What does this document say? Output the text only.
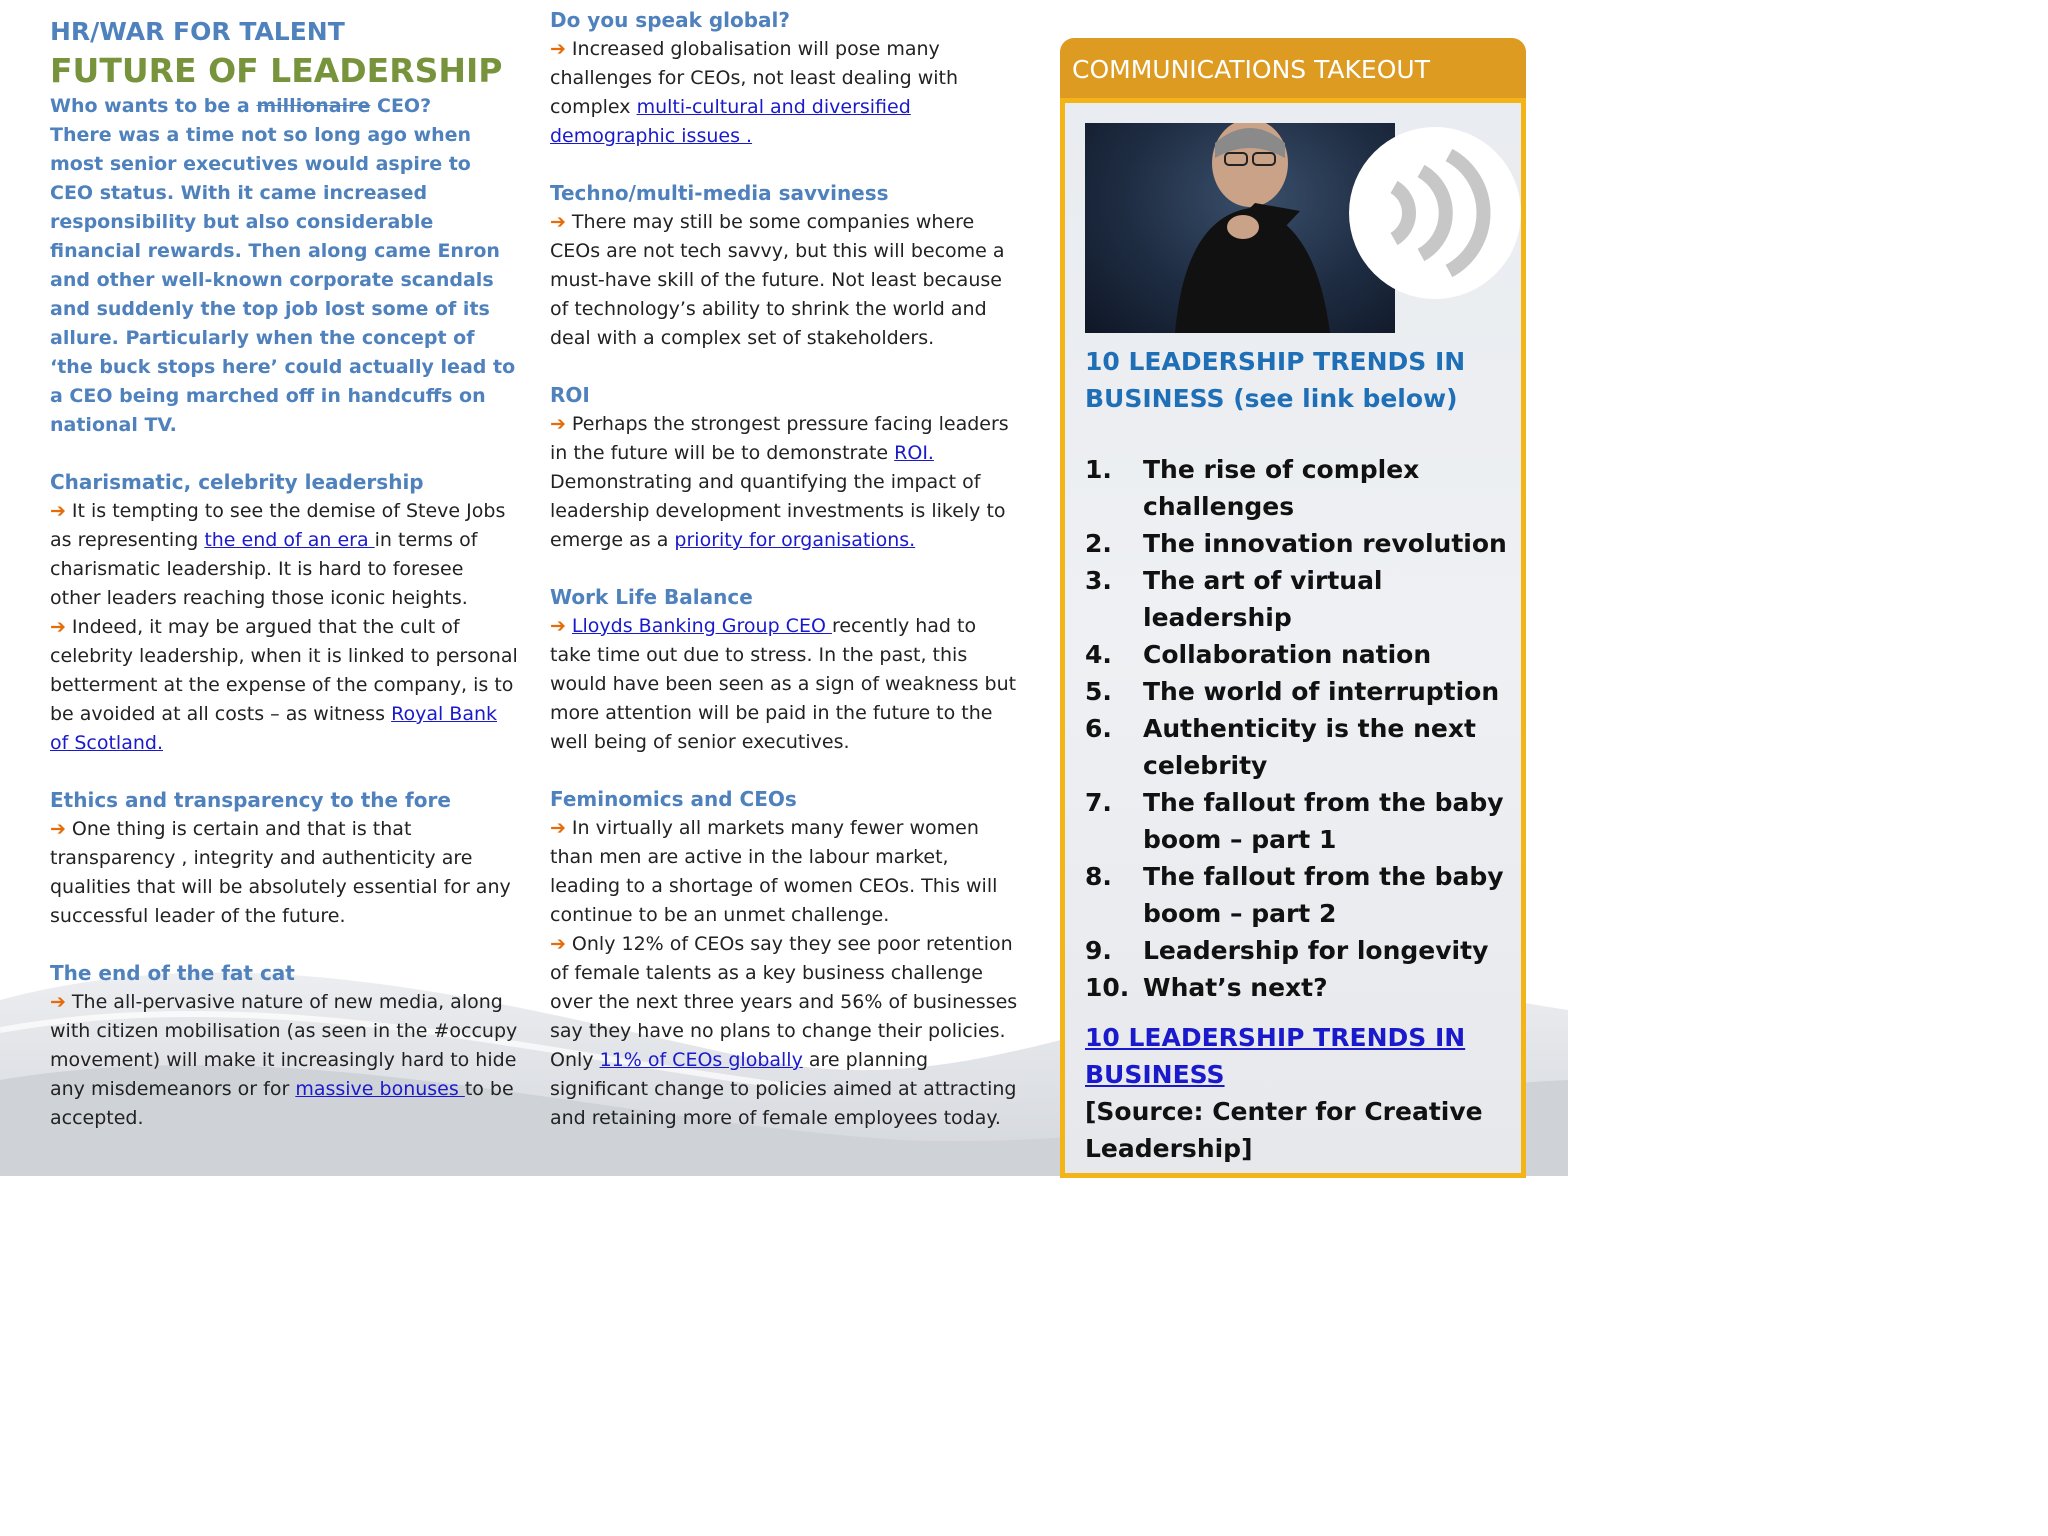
HR/WAR FOR TALENT
FUTURE OF LEADERSHIP
Who wants to be a millionaire CEO?
There was a time not so long ago when most senior executives would aspire to CEO status. With it came increased responsibility but also considerable financial rewards. Then along came Enron and other well-known corporate scandals and suddenly the top job lost some of its allure. Particularly when the concept of ‘the buck stops here’ could actually lead to a CEO being marched off in handcuffs on national TV.
Charismatic, celebrity leadership
➔ It is tempting to see the demise of Steve Jobs as representing the end of an era in terms of charismatic leadership. It is hard to foresee other leaders reaching those iconic heights.
➔ Indeed, it may be argued that the cult of celebrity leadership, when it is linked to personal betterment at the expense of the company, is to be avoided at all costs – as witness Royal Bank of Scotland.
Ethics and transparency to the fore
➔ One thing is certain and that is that transparency , integrity and authenticity are qualities that will be absolutely essential for any successful leader of the future.
The end of the fat cat
➔ The all-pervasive nature of new media, along with citizen mobilisation (as seen in the #occupy movement) will make it increasingly hard to hide any misdemeanors or for massive bonuses to be accepted.
Do you speak global?
➔ Increased globalisation will pose many challenges for CEOs, not least dealing with complex multi-cultural and diversified demographic issues .
Techno/multi-media savviness
➔ There may still be some companies where CEOs are not tech savvy, but this will become a must-have skill of the future. Not least because of technology’s ability to shrink the world and deal with a complex set of stakeholders.
ROI
➔ Perhaps the strongest pressure facing leaders in the future will be to demonstrate ROI. Demonstrating and quantifying the impact of leadership development investments is likely to emerge as a priority for organisations.
Work Life Balance
➔ Lloyds Banking Group CEO recently had to take time out due to stress. In the past, this would have been seen as a sign of weakness but more attention will be paid in the future to the well being of senior executives.
Feminomics and CEOs
➔ In virtually all markets many fewer women than men are active in the labour market, leading to a shortage of women CEOs. This will continue to be an unmet challenge.
➔ Only 12% of CEOs say they see poor retention of female talents as a key business challenge over the next three years and 56% of businesses say they have no plans to change their policies. Only 11% of CEOs globally are planning significant change to policies aimed at attracting and retaining more of female employees today.
COMMUNICATIONS TAKEOUT
10 LEADERSHIP TRENDS IN BUSINESS (see link below)
1.	The rise of complex challenges
2.	The innovation revolution
3.	The art of virtual leadership
4.	Collaboration nation
5.	The world of interruption
6.	Authenticity is the next celebrity
7.	The fallout from the baby boom – part 1
8.	The fallout from the baby boom – part 2
9.	Leadership for longevity
10. What’s next?
10 LEADERSHIP TRENDS IN BUSINESS
[Source: Center for Creative Leadership]
